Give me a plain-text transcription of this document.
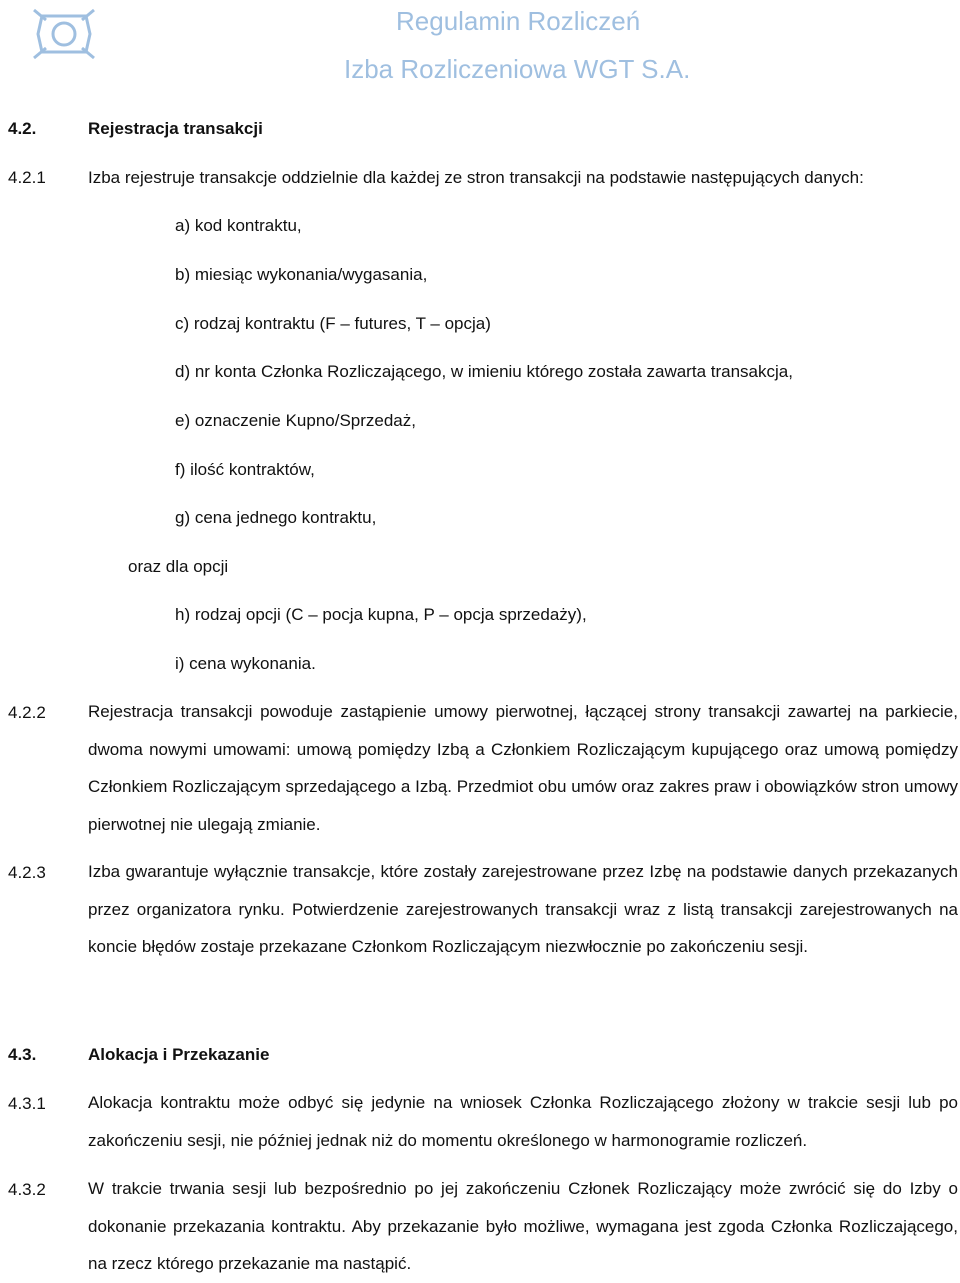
Regulamin Rozliczeń
Izba Rozliczeniowa WGT S.A.
4.2.	Rejestracja transakcji
4.2.1 Izba rejestruje transakcje oddzielnie dla każdej ze stron transakcji na podstawie następujących danych:
a) kod kontraktu,
b) miesiąc wykonania/wygasania,
c) rodzaj kontraktu (F – futures, T – opcja)
d) nr konta Członka Rozliczającego, w imieniu którego została zawarta transakcja,
e) oznaczenie Kupno/Sprzedaż,
f) ilość kontraktów,
g) cena jednego kontraktu,
oraz dla opcji
h) rodzaj opcji (C – pocja kupna, P – opcja sprzedaży),
i) cena wykonania.
4.2.2 Rejestracja transakcji powoduje zastąpienie umowy pierwotnej, łączącej strony transakcji zawartej na parkiecie, dwoma nowymi umowami: umową pomiędzy Izbą a Członkiem Rozliczającym kupującego oraz umową pomiędzy Członkiem Rozliczającym sprzedającego a Izbą. Przedmiot obu umów oraz zakres praw i obowiązków stron umowy pierwotnej nie ulegają zmianie.
4.2.3 Izba gwarantuje wyłącznie transakcje, które zostały zarejestrowane przez Izbę na podstawie danych przekazanych przez organizatora rynku. Potwierdzenie zarejestrowanych transakcji wraz z listą transakcji zarejestrowanych na koncie błędów zostaje przekazane Członkom Rozliczającym niezwłocznie po zakończeniu sesji.
4.3.	Alokacja i Przekazanie
4.3.1 Alokacja kontraktu może odbyć się jedynie na wniosek Członka Rozliczającego złożony w trakcie sesji lub po zakończeniu sesji, nie później jednak niż do momentu określonego w harmonogramie rozliczeń.
4.3.2 W trakcie trwania sesji lub bezpośrednio po jej zakończeniu Członek Rozliczający może zwrócić się do Izby o dokonanie przekazania kontraktu. Aby przekazanie było możliwe, wymagana jest zgoda Członka Rozliczającego, na rzecz którego przekazanie ma nastąpić.
